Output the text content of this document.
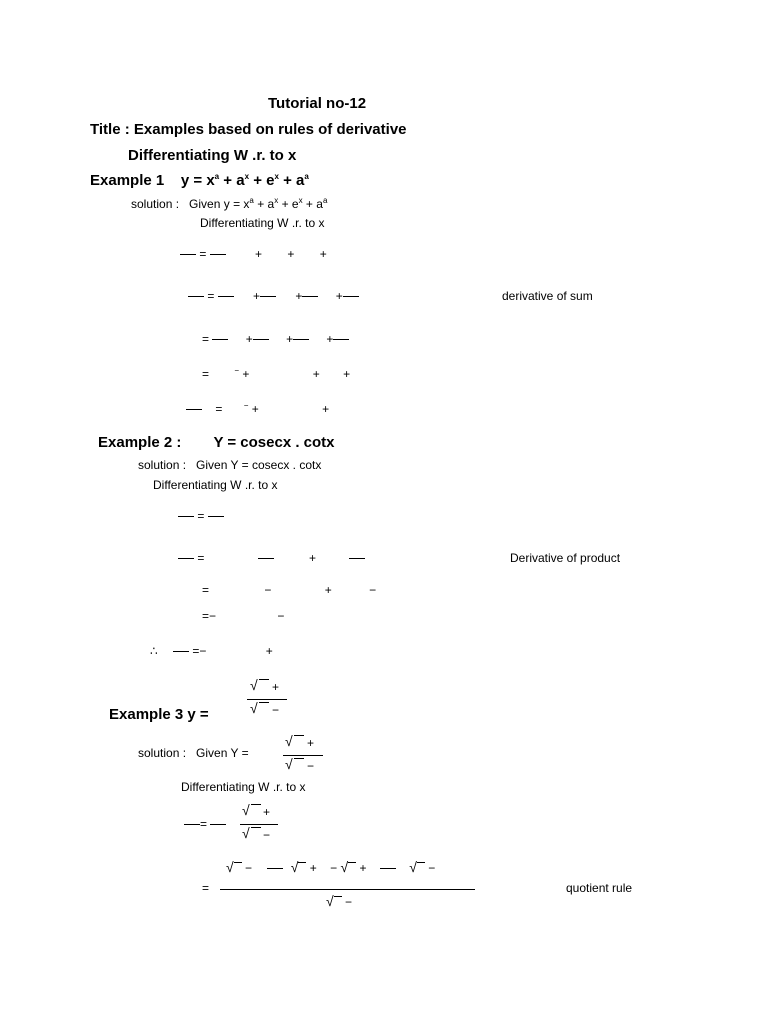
Tutorial no-12
Title : Examples based on rules of derivative
Differentiating W .r. to x
Example 1 $y = x^a + a^x + e^x + a^a$
solution : Given $y = x^a + a^x + e^x + a^a$
Differentiating W .r. to x
=	+ + +
=	+	+	+	derivative of sum
=	+	+	+
=	− +	+ +
=	− +	+
Example 2 : Y = cosecx . cotx
solution : Given Y = cosecx . cotx
Differentiating W .r. to x
=
=	+	Derivative of product
=	−	+	−
=−	−
∴	=−	+
Example 3 y =
√ +
√ −
solution : Given Y =
√ +
√ −
Differentiating W .r. to x
=
√ +
√ −
=
√ −	√ + − √ +	√ −
√ −
quotient rule
